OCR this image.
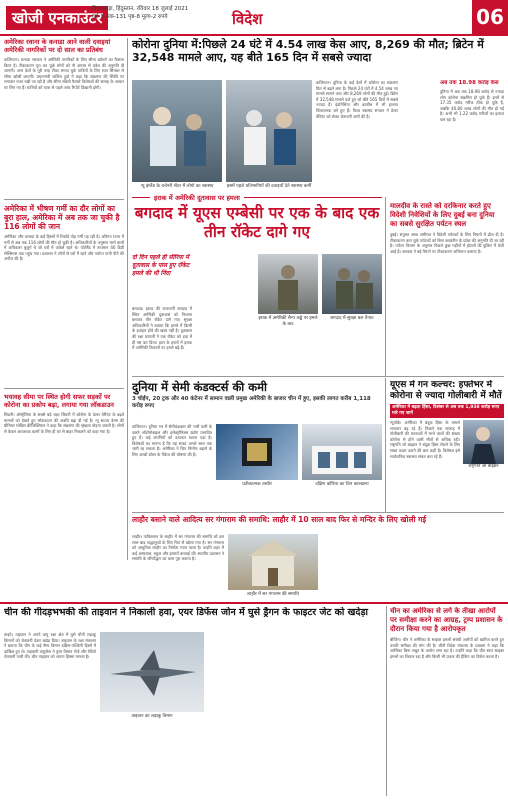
खोजी एनकाउंटर
विजयवाड़ा, हिंदुस्तान, रविवार 18 जुलाई 2021
वर्ष-3 अंक-131 पृष्ठ-8 मूल्य-2 रुपये	विदेश	06
अमेरिका रवाना के कनाडा आने वाली दवाइयां अमेरिकी नागरिकों पर दो साल का प्रतिबंध
वाशिंगटन। कनाडा सरकार ने अमेरिकी नागरिकों के लिए सीमा खोलने का फैसला किया है। टीकाकरण पूरा कर चुके लोगों को नौ अगस्त से प्रवेश की अनुमति दी जाएगी। अन्य देशों के पूरी तरह टीका लगवा चुके यात्रियों के लिए सात सितंबर से सीमा खोली जाएगी। प्रधानमंत्री जस्टिन ट्रूडो ने कहा कि संक्रमण की स्थिति पर लगातार नजर रखी जा रही है और सीमा संबंधी फैसले विशेषज्ञों की सलाह के आधार पर लिए गए हैं। यात्रियों को यात्रा से पहले जांच रिपोर्ट दिखानी होगी।
अमेरिका में भीषण गर्मी का दौर लोगों का बुरा हाल, अमेरिका में अब तक जा चुकी है 116 लोगों की जान
अमेरिका और कनाडा के कई हिस्सों में रिकॉर्ड तोड़ गर्मी पड़ रही है। ओरेगन राज्य में गर्मी से अब तक 116 लोगों की मौत हो चुकी है। अधिकारियों के अनुसार मरने वालों में अधिकतर बुजुर्ग थे जो घरों में अकेले रहते थे। पोर्टलैंड में तापमान 46 डिग्री सेल्सियस तक पहुंच गया। प्रशासन ने लोगों से घरों में रहने और पर्याप्त पानी पीने की अपील की है।
भयावह सीमा पर स्थित होगी सफर सड़कों पर कोरोना का प्रकोप बढ़ा, लगाया गया लॉकडाउन
सिडनी। ऑस्ट्रेलिया के सबसे बड़े शहर सिडनी में कोरोना के डेल्टा वेरिएंट के बढ़ते मामलों को देखते हुए लॉकडाउन की अवधि बढ़ा दी गई है। न्यू साउथ वेल्स की प्रीमियर ग्लेडिस बेरेजिक्लियन ने कहा कि संक्रमण की श्रृंखला तोड़ना जरूरी है। लोगों से केवल आवश्यक कामों के लिए ही घर से बाहर निकलने को कहा गया है।
कोरोना दुनिया में:पिछले 24 घंटे में 4.54 लाख केस आए, 8,269 की मौत; ब्रिटेन में 32,548 मामले आए, यह बीते 165 दिन में सबसे ज्यादा
न्यू इंग्लैंड के चर्चनरी सेंटर में लोगो का स्वास्थ्य	इसमें पहले प्रतिभागियों की दवाइयाँ देते स्वास्थ्य कर्मी
वाशिंगटन। दुनिया के कई देशों में कोरोना का संक्रमण फिर से बढ़ने लगा है। पिछले 24 घंटों में 4.54 लाख नए मामले सामने आए और 8,269 लोगों की मौत हुई। ब्रिटेन में 32,548 मामले दर्ज हुए जो बीते 165 दिनों में सबसे ज्यादा हैं। इंडोनेशिया और ब्राजील में भी हालात चिंताजनक बने हुए हैं। विश्व स्वास्थ्य संगठन ने डेल्टा वेरिएंट को लेकर चेतावनी जारी की है।
अब तक 18.98 करोड़ केस
दुनिया में अब तक 18.98 करोड़ से ज्यादा लोग कोरोना संक्रमित हो चुके हैं। इनमें से 17.35 करोड़ मरीज ठीक हो चुके हैं, जबकि 40.80 लाख लोगों की मौत हो गई है। अभी भी 1.22 करोड़ मरीजों का इलाज चल रहा है।
इराक में अमेरिकी दूतावास पर हमला
बगदाद में यूएस एम्बेसी पर एक के बाद एक तीन रॉकेट दागे गए
दो दिन पहले ही सीरिया में दूतावास के पास हुए रॉकेट हमले की थी निंदा
बगदाद। इराक की राजधानी बगदाद में स्थित अमेरिकी दूतावास को निशाना बनाकर तीन रॉकेट दागे गए। सुरक्षा अधिकारियों ने बताया कि हमले में किसी के हताहत होने की खबर नहीं है। दूतावास की रक्षा प्रणाली ने एक रॉकेट को हवा में ही नष्ट कर दिया। हाल के हफ्तों में इराक में अमेरिकी ठिकानों पर हमले बढ़े हैं।
इराक में अमेरिकी सैन्य अड्डे पर हमले के बाद
बगदाद में सुरक्षा बल तैनात
मालदीव के रास्ते को दरकिनार करते हुए विदेशी निवेशियों के लिए दुबई बना दुनिया का सबसे सुरक्षित पर्यटन स्थल
दुबई। संयुक्त अरब अमीरात ने विदेशी पर्यटकों के लिए नियमों में ढील दी है। टीकाकरण करा चुके पर्यटकों को बिना क्वारंटीन के प्रवेश की अनुमति दी जा रही है। पर्यटन विभाग के अनुसार पिछले कुछ महीनों में होटलों की बुकिंग में तेजी आई है। सरकार ने बड़े पैमाने पर टीकाकरण अभियान चलाया है।
दुनिया में सेमी कंडक्टर्स की कमी
3 चोईप, 20 ट्रक और 40 कंटेनर में सामान वाली प्रमुख अमेरिकी के बाजार चीन में हुए, इसकी लागत करीब 1,118 करोड़ रुपए
वाशिंगटन। दुनिया भर में सेमीकंडक्टर की भारी कमी के चलते ऑटोमोबाइल और इलेक्ट्रॉनिक्स उद्योग प्रभावित हुए हैं। कई कंपनियों को उत्पादन घटाना पड़ा है। विशेषज्ञों का मानना है कि यह संकट अगले साल तक जारी रह सकता है। अमेरिका ने चिप निर्माण बढ़ाने के लिए अरबों डॉलर के पैकेज की घोषणा की है।
प्रतीकात्मक तस्वीर	दक्षिण कोरिया का चिप कारखाना
यूएस में गन कल्चर: हफ्तेभर में कोरोना से ज्यादा गोलीबारी में मौतें
अमेरिका में बढ़ता हिंसा, दिसंबर से अब तक 1,938 करोड़ रुपए मारे गए जानें
न्यूयॉर्क। अमेरिका में बंदूक हिंसा के मामले लगातार बढ़ रहे हैं। पिछले एक सप्ताह में गोलीबारी की घटनाओं में मरने वालों की संख्या कोरोना से होने वाली मौतों से अधिक रही। राष्ट्रपति जो बाइडन ने बंदूक हिंसा रोकने के लिए सख्त कदम उठाने की बात कही है। विशेषज्ञ इसे सार्वजनिक स्वास्थ्य संकट बता रहे हैं।
राष्ट्रपति जो बाइडन
लाहौर बसाने वाले आदित्य सर गंगाराम की समाधि: लाहौर में 10 साल बाद फिर से मन्दिर के लिए खोली गई
लाहौर। पाकिस्तान के लाहौर में सर गंगाराम की समाधि को दस साल बाद श्रद्धालुओं के लिए फिर से खोला गया है। सर गंगाराम को आधुनिक लाहौर का निर्माता माना जाता है। उन्होंने शहर में कई अस्पताल, स्कूल और इमारतें बनवाई थीं। स्थानीय प्रशासन ने समाधि के जीर्णोद्धार का काम पूरा कराया है।
लाहौर में सर गंगाराम की समाधि
चीन की गीदड़भभकी की ताइवान ने निकाली हवा, एयर डिफेंस जोन में घुसे ड्रैगन के फाइटर जेट को खदेड़ा
ताइपे। ताइवान ने अपने वायु रक्षा क्षेत्र में घुसे चीनी लड़ाकू विमानों को चेतावनी देकर खदेड़ दिया। ताइवान के रक्षा मंत्रालय ने बताया कि चीन के कई सैन्य विमान दक्षिण-पश्चिमी हिस्से में दाखिल हुए थे। ताइवानी वायुसेना ने तुरंत विमान भेजे और रेडियो चेतावनी जारी की। चीन ताइवान को अपना हिस्सा मानता है।
ताइवान का लड़ाकू विमान
चीन का अमेरिका से लगे के तीखा आरोपों पर समीक्षा करने का आग्रह, ट्रम्प प्रशासन के दौरान किया गया है आरोपकृत
बीजिंग। चीन ने अमेरिका के साइबर हमलों संबंधी आरोपों को खारिज करते हुए उनकी समीक्षा की मांग की है। चीनी विदेश मंत्रालय के प्रवक्ता ने कहा कि अमेरिका बिना सबूत के आरोप लगा रहा है। उन्होंने कहा कि चीन स्वयं साइबर हमलों का शिकार रहा है और किसी भी प्रकार की हैकिंग का विरोध करता है।
